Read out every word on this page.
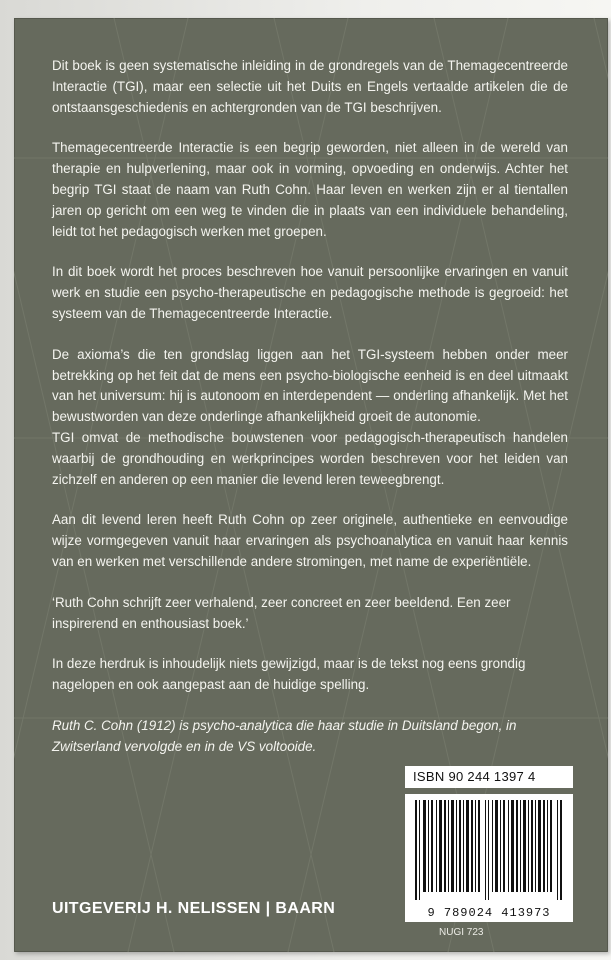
Dit boek is geen systematische inleiding in de grondregels van de Themagecentreerde Interactie (TGI), maar een selectie uit het Duits en Engels vertaalde artikelen die de ontstaansgeschiedenis en achtergronden van de TGI beschrijven.

Themagecentreerde Interactie is een begrip geworden, niet alleen in de wereld van therapie en hulpverlening, maar ook in vorming, opvoeding en onderwijs. Achter het begrip TGI staat de naam van Ruth Cohn. Haar leven en werken zijn er al tientallen jaren op gericht om een weg te vinden die in plaats van een individuele behandeling, leidt tot het pedagogisch werken met groepen.

In dit boek wordt het proces beschreven hoe vanuit persoonlijke ervaringen en vanuit werk en studie een psycho-therapeutische en pedagogische methode is gegroeid: het systeem van de Themagecentreerde Interactie.

De axioma’s die ten grondslag liggen aan het TGI-systeem hebben onder meer betrekking op het feit dat de mens een psycho-biologische eenheid is en deel uitmaakt van het universum: hij is autonoom en interdependent — onderling afhankelijk. Met het bewustworden van deze onderlinge afhankelijkheid groeit de autonomie.

TGI omvat de methodische bouwstenen voor pedagogisch-therapeutisch handelen waarbij de grondhouding en werkprincipes worden beschreven voor het leiden van zichzelf en anderen op een manier die levend leren teweegbrengt.

Aan dit levend leren heeft Ruth Cohn op zeer originele, authentieke en eenvoudige wijze vormgegeven vanuit haar ervaringen als psychoanalytica en vanuit haar kennis van en werken met verschillende andere stromingen, met name de experiëntiële.

‘Ruth Cohn schrijft zeer verhalend, zeer concreet en zeer beeldend. Een zeer inspirerend en enthousiast boek.’

In deze herdruk is inhoudelijk niets gewijzigd, maar is de tekst nog eens grondig nagelopen en ook aangepast aan de huidige spelling.

Ruth C. Cohn (1912) is psycho-analytica die haar studie in Duitsland begon, in Zwitserland vervolgde en in de VS voltooide.

ISBN 90 244 1397 4
9 789024 413973
NUGI 723
UITGEVERIJ H. NELISSEN | BAARN
